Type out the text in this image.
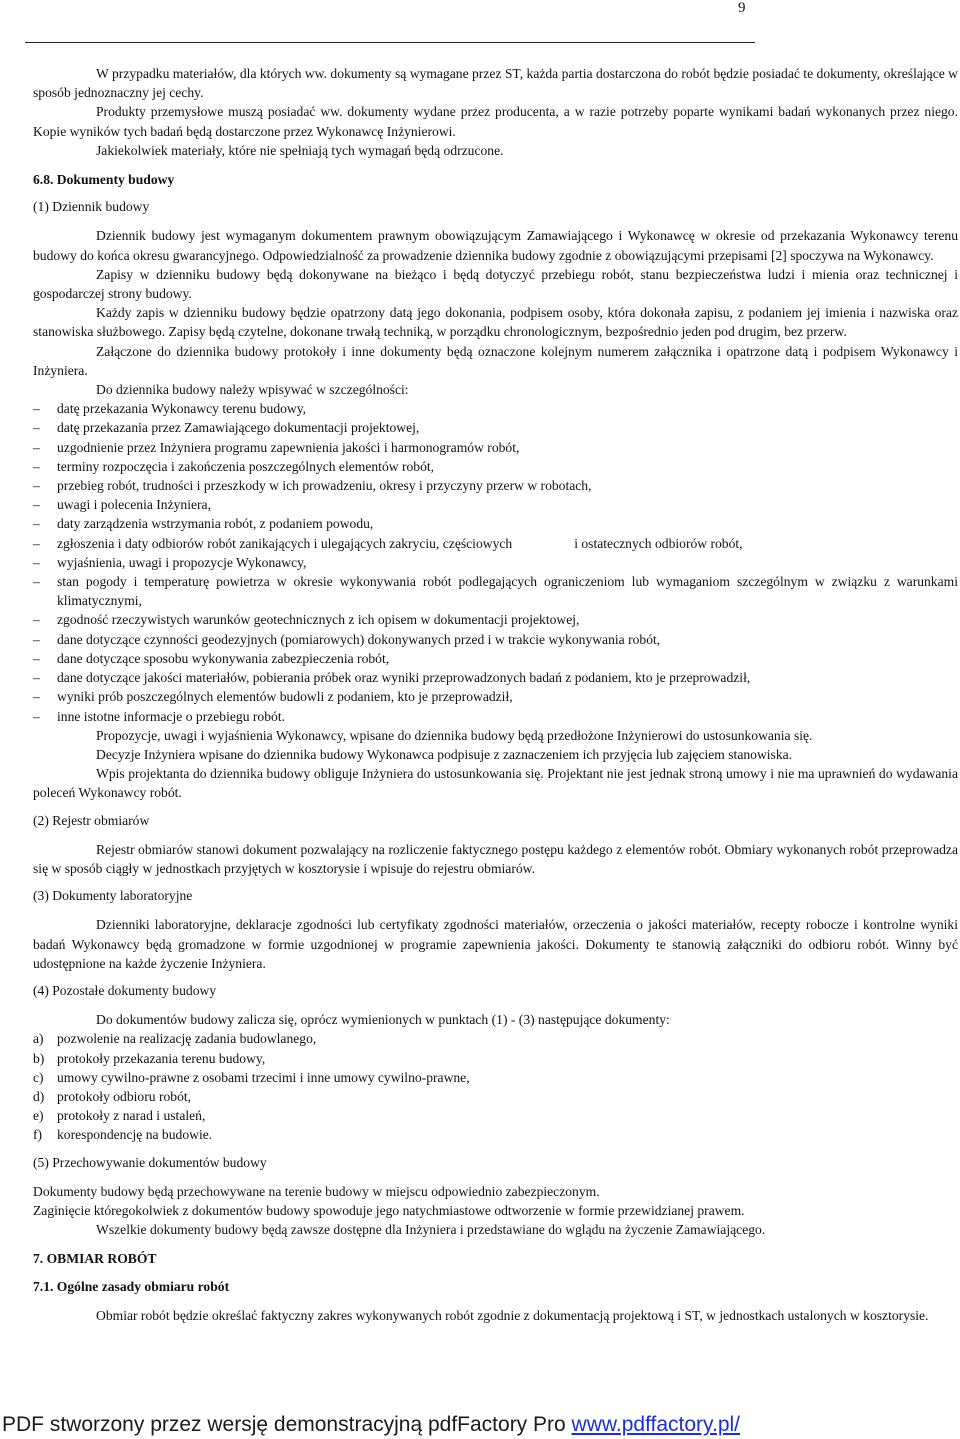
9

W przypadku materiałów, dla których ww. dokumenty są wymagane przez ST, każda partia dostarczona do robót będzie posiadać te dokumenty, określające w sposób jednoznaczny jej cechy.

Produkty przemysłowe muszą posiadać ww. dokumenty wydane przez producenta, a w razie potrzeby poparte wynikami badań wykonanych przez niego. Kopie wyników tych badań będą dostarczone przez Wykonawcę Inżynierowi.

Jakiekolwiek materiały, które nie spełniają tych wymagań będą odrzucone.

6.8. Dokumenty budowy

(1) Dziennik budowy

Dziennik budowy jest wymaganym dokumentem prawnym obowiązującym Zamawiającego i Wykonawcę w okresie od przekazania Wykonawcy terenu budowy do końca okresu gwarancyjnego. Odpowiedzialność za prowadzenie dziennika budowy zgodnie z obowiązującymi przepisami [2] spoczywa na Wykonawcy.

Zapisy w dzienniku budowy będą dokonywane na bieżąco i będą dotyczyć przebiegu robót, stanu bezpieczeństwa ludzi i mienia oraz technicznej i gospodarczej strony budowy.

Każdy zapis w dzienniku budowy będzie opatrzony datą jego dokonania, podpisem osoby, która dokonała zapisu, z podaniem jej imienia i nazwiska oraz stanowiska służbowego. Zapisy będą czytelne, dokonane trwałą techniką, w porządku chronologicznym, bezpośrednio jeden pod drugim, bez przerw.

Załączone do dziennika budowy protokoły i inne dokumenty będą oznaczone kolejnym numerem załącznika i opatrzone datą i podpisem Wykonawcy i Inżyniera.

Do dziennika budowy należy wpisywać w szczególności:

– datę przekazania Wykonawcy terenu budowy,
– datę przekazania przez Zamawiającego dokumentacji projektowej,
– uzgodnienie przez Inżyniera programu zapewnienia jakości i harmonogramów robót,
– terminy rozpoczęcia i zakończenia poszczególnych elementów robót,
– przebieg robót, trudności i przeszkody w ich prowadzeniu, okresy i przyczyny przerw w robotach,
– uwagi i polecenia Inżyniera,
– daty zarządzenia wstrzymania robót, z podaniem powodu,
– zgłoszenia i daty odbiorów robót zanikających i ulegających zakryciu, częściowych	i ostatecznych odbiorów robót,
– wyjaśnienia, uwagi i propozycje Wykonawcy,
– stan pogody i temperaturę powietrza w okresie wykonywania robót podlegających ograniczeniom lub wymaganiom szczególnym w związku z warunkami klimatycznymi,
– zgodność rzeczywistych warunków geotechnicznych z ich opisem w dokumentacji projektowej,
– dane dotyczące czynności geodezyjnych (pomiarowych) dokonywanych przed i w trakcie wykonywania robót,
– dane dotyczące sposobu wykonywania zabezpieczenia robót,
– dane dotyczące jakości materiałów, pobierania próbek oraz wyniki przeprowadzonych badań z podaniem, kto je przeprowadził,
– wyniki prób poszczególnych elementów budowli z podaniem, kto je przeprowadził,
– inne istotne informacje o przebiegu robót.

Propozycje, uwagi i wyjaśnienia Wykonawcy, wpisane do dziennika budowy będą przedłożone Inżynierowi do ustosunkowania się.

Decyzje Inżyniera wpisane do dziennika budowy Wykonawca podpisuje z zaznaczeniem ich przyjęcia lub zajęciem stanowiska.

Wpis projektanta do dziennika budowy obliguje Inżyniera do ustosunkowania się. Projektant nie jest jednak stroną umowy i nie ma uprawnień do wydawania poleceń Wykonawcy robót.

(2) Rejestr obmiarów

Rejestr obmiarów stanowi dokument pozwalający na rozliczenie faktycznego postępu każdego z elementów robót. Obmiary wykonanych robót przeprowadza się w sposób ciągły w jednostkach przyjętych w kosztorysie i wpisuje do rejestru obmiarów.

(3) Dokumenty laboratoryjne

Dzienniki laboratoryjne, deklaracje zgodności lub certyfikaty zgodności materiałów, orzeczenia o jakości materiałów, recepty robocze i kontrolne wyniki badań Wykonawcy będą gromadzone w formie uzgodnionej w programie zapewnienia jakości. Dokumenty te stanowią załączniki do odbioru robót. Winny być udostępnione na każde życzenie Inżyniera.

(4) Pozostałe dokumenty budowy

Do dokumentów budowy zalicza się, oprócz wymienionych w punktach (1) - (3) następujące dokumenty:

a) pozwolenie na realizację zadania budowlanego,
b) protokoły przekazania terenu budowy,
c) umowy cywilno-prawne z osobami trzecimi i inne umowy cywilno-prawne,
d) protokoły odbioru robót,
e) protokoły z narad i ustaleń,
f) korespondencję na budowie.

(5) Przechowywanie dokumentów budowy

Dokumenty budowy będą przechowywane na terenie budowy w miejscu odpowiednio zabezpieczonym.

Zaginięcie któregokolwiek z dokumentów budowy spowoduje jego natychmiastowe odtworzenie w formie przewidzianej prawem.

Wszelkie dokumenty budowy będą zawsze dostępne dla Inżyniera i przedstawiane do wglądu na życzenie Zamawiającego.

7. OBMIAR ROBÓT

7.1. Ogólne zasady obmiaru robót

Obmiar robót będzie określać faktyczny zakres wykonywanych robót zgodnie z dokumentacją projektową i ST, w jednostkach ustalonych w kosztorysie.

PDF stworzony przez wersję demonstracyjną pdfFactory Pro www.pdffactory.pl/
